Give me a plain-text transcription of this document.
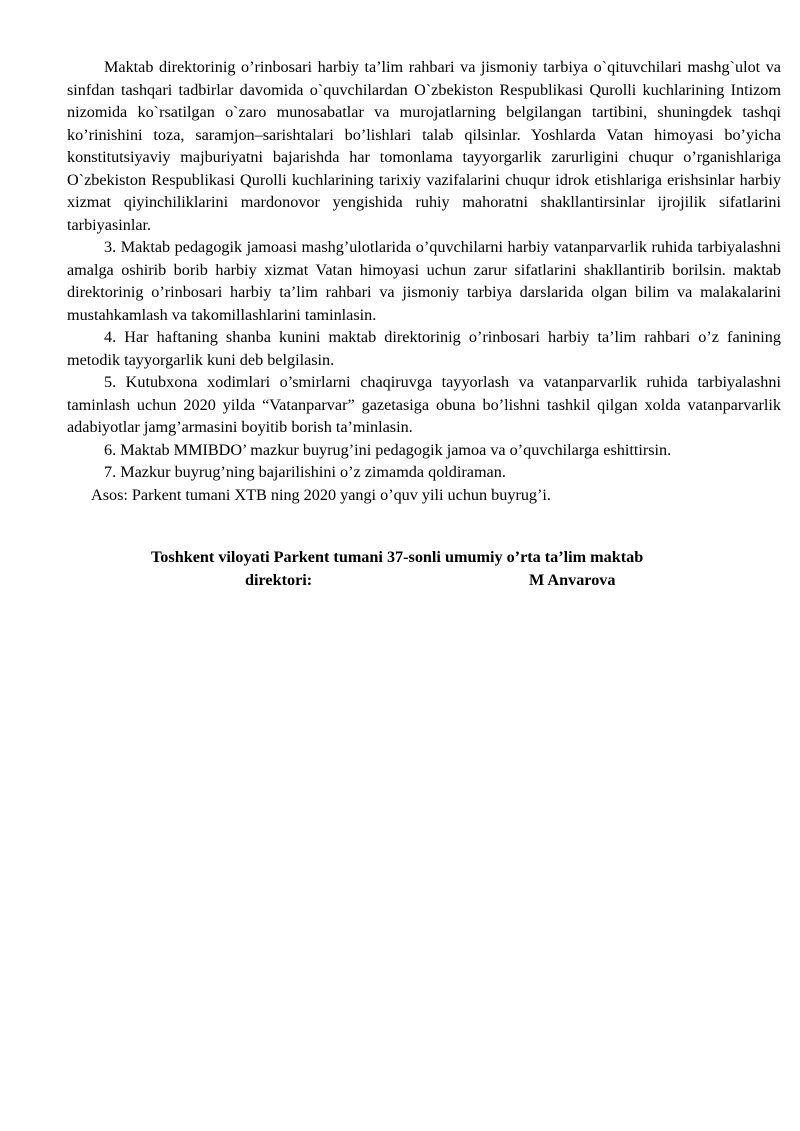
Maktab direktorinig o’rinbosari harbiy ta’lim rahbari va jismoniy tarbiya o`qituvchilari mashg`ulot va sinfdan tashqari tadbirlar davomida o`quvchilardan O`zbekiston Respublikasi Qurolli kuchlarining Intizom nizomida ko`rsatilgan o`zaro munosabatlar va murojatlarning belgilangan tartibini, shuningdek tashqi ko’rinishini toza, saramjon–sarishtalari bo’lishlari talab qilsinlar. Yoshlarda Vatan himoyasi bo’yicha konstitutsiyaviy majburiyatni bajarishda har tomonlama tayyorgarlik zarurligini chuqur o’rganishlariga O`zbekiston Respublikasi Qurolli kuchlarining tarixiy vazifalarini chuqur idrok etishlariga erishsinlar harbiy xizmat qiyinchiliklarini mardonovor yengishida ruhiy mahoratni shakllantirsinlar ijrojilik sifatlarini tarbiyasinlar.

3. Maktab pedagogik jamoasi mashg’ulotlarida o’quvchilarni harbiy vatanparvarlik ruhida tarbiyalashni amalga oshirib borib harbiy xizmat Vatan himoyasi uchun zarur sifatlarini shakllantirib borilsin. maktab direktorinig o’rinbosari harbiy ta’lim rahbari va jismoniy tarbiya darslarida olgan bilim va malakalarini mustahkamlash va takomillashlarini taminlasin.

4. Har haftaning shanba kunini maktab direktorinig o’rinbosari harbiy ta’lim rahbari o’z fanining metodik tayyorgarlik kuni deb belgilasin.

5. Kutubxona xodimlari o’smirlarni chaqiruvga tayyorlash va vatanparvarlik ruhida tarbiyalashni taminlash uchun 2020 yilda “Vatanparvar” gazetasiga obuna bo’lishni tashkil qilgan xolda vatanparvarlik adabiyotlar jamg’armasini boyitib borish ta’minlasin.

6. Maktab MMIBDO’ mazkur buyrug’ini pedagogik jamoa va o’quvchilarga eshittirsin.

7. Mazkur buyrug’ning bajarilishini o’z zimamda qoldiraman.

Asos: Parkent tumani XTB ning 2020 yangi o’quv yili uchun buyrug’i.

Toshkent viloyati Parkent tumani 37-sonli umumiy o’rta ta’lim maktab

direktori:	M Anvarova
